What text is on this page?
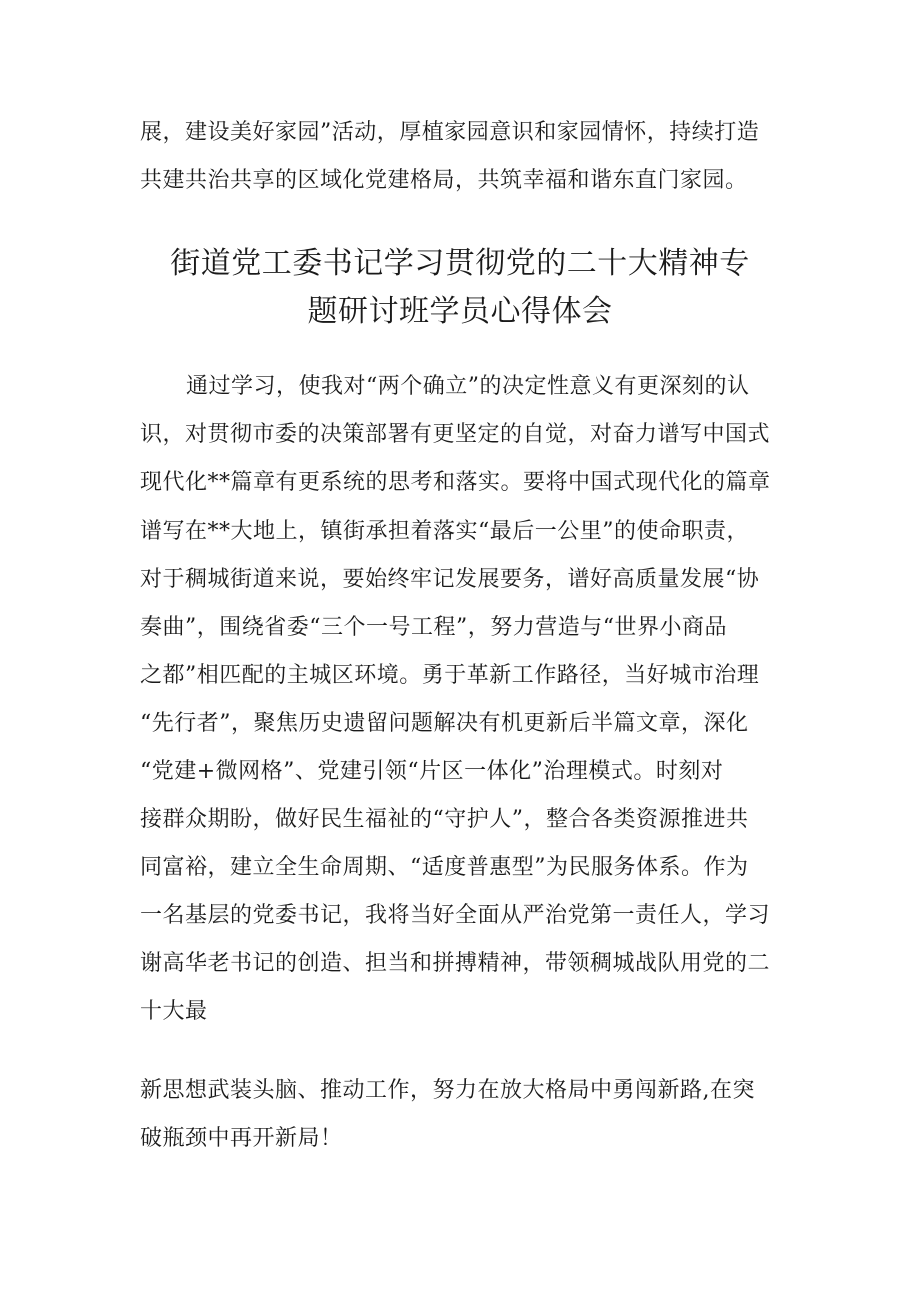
展，建设美好家园”活动，厚植家园意识和家园情怀，持续打造
共建共治共享的区域化党建格局，共筑幸福和谐东直门家园。
街道党工委书记学习贯彻党的二十大精神专
题研讨班学员心得体会
通过学习，使我对“两个确立”的决定性意义有更深刻的认
识，对贯彻市委的决策部署有更坚定的自觉，对奋力谱写中国式
现代化**篇章有更系统的思考和落实。要将中国式现代化的篇章
谱写在**大地上，镇街承担着落实“最后一公里”的使命职责，
对于稠城街道来说，要始终牢记发展要务，谱好高质量发展“协
奏曲”，围绕省委“三个一号工程”，努力营造与“世界小商品
之都”相匹配的主城区环境。勇于革新工作路径，当好城市治理
“先行者”，聚焦历史遗留问题解决有机更新后半篇文章，深化
“党建+微网格”、党建引领“片区一体化”治理模式。时刻对
接群众期盼，做好民生福祉的“守护人”，整合各类资源推进共
同富裕，建立全生命周期、“适度普惠型”为民服务体系。作为
一名基层的党委书记，我将当好全面从严治党第一责任人，学习
谢高华老书记的创造、担当和拼搏精神，带领稠城战队用党的二
十大最
新思想武装头脑、推动工作，努力在放大格局中勇闯新路,在突
破瓶颈中再开新局！
